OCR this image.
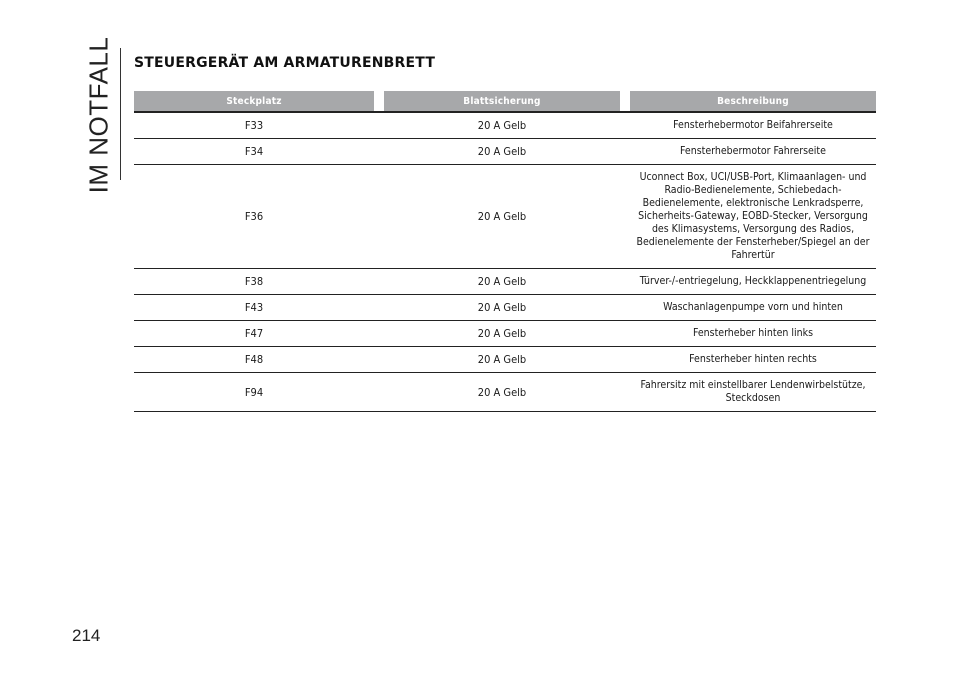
IM NOTFALL STEUERGERÄT AM ARMATURENBRETT
Steckplatz		Blattsicherung		Beschreibung

F33	20 A Gelb			Fensterhebermotor Beifahrerseite
F34	20 A Gelb			Fensterhebermotor Fahrerseite
F36	20 A Gelb			Uconnect Box, UCI/USB-Port, Klimaanlagen- und Radio-Bedienelemente, Schiebedach-Bedienelemente, elektronische Lenkradsperre, Sicherheits-Gateway, EOBD-Stecker, Versorgung des Klimasystems, Versorgung des Radios, Bedienelemente der Fensterheber/Spiegel an der Fahrertür
F38	20 A Gelb			Türver-/-entriegelung, Heckklappenentriegelung
F43	20 A Gelb			Waschanlagenpumpe vorn und hinten
F47	20 A Gelb			Fensterheber hinten links
F48	20 A Gelb			Fensterheber hinten rechts
F94	20 A Gelb			Fahrersitz mit einstellbarer Lendenwirbelstütze, Steckdosen
214
